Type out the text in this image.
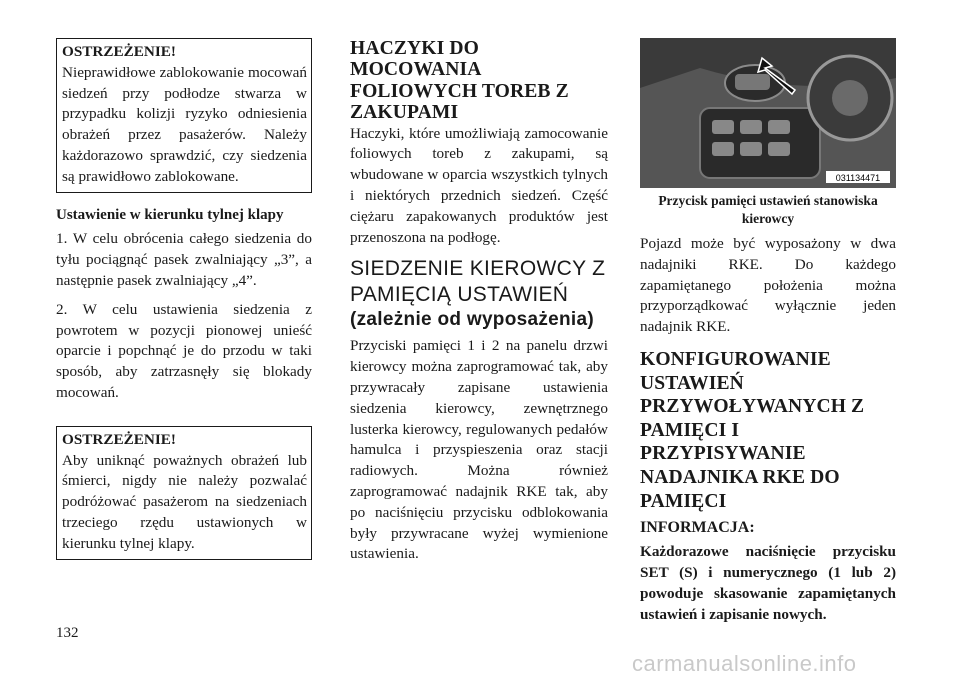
OSTRZEŻENIE!
Nieprawidłowe zablokowanie mocowań siedzeń przy podłodze stwarza w przypadku kolizji ryzyko odniesienia obrażeń przez pasażerów. Należy każdorazowo sprawdzić, czy siedzenia są prawidłowo zablokowane.

Ustawienie w kierunku tylnej klapy

1. W celu obrócenia całego siedzenia do tyłu pociągnąć pasek zwalniający „3”, a następnie pasek zwalniający „4”.

2. W celu ustawienia siedzenia z powrotem w pozycji pionowej unieść oparcie i popchnąć je do przodu w taki sposób, aby zatrzasnęły się blokady mocowań.

OSTRZEŻENIE!
Aby uniknąć poważnych obrażeń lub śmierci, nigdy nie należy pozwalać podróżować pasażerom na siedzeniach trzeciego rzędu ustawionych w kierunku tylnej klapy.
HACZYKI DO MOCOWANIA FOLIOWYCH TOREB Z ZAKUPAMI

Haczyki, które umożliwiają zamocowanie foliowych toreb z zakupami, są wbudowane w oparcia wszystkich tylnych i niektórych przednich siedzeń. Część ciężaru zapakowanych produktów jest przenoszona na podłogę.

SIEDZENIE KIEROWCY Z PAMIĘCIĄ USTAWIEŃ
(zależnie od wyposażenia)

Przyciski pamięci 1 i 2 na panelu drzwi kierowcy można zaprogramować tak, aby przywracały zapisane ustawienia siedzenia kierowcy, zewnętrznego lusterka kierowcy, regulowanych pedałów hamulca i przyspieszenia oraz stacji radiowych. Można również zaprogramować nadajnik RKE tak, aby po naciśnięciu przycisku odblokowania były przywracane wyżej wymienione ustawienia.

031134471
Przycisk pamięci ustawień stanowiska kierowcy

Pojazd może być wyposażony w dwa nadajniki RKE. Do każdego zapamiętanego położenia można przyporządkować wyłącznie jeden nadajnik RKE.

KONFIGUROWANIE USTAWIEŃ PRZYWOŁYWANYCH Z PAMIĘCI I PRZYPISYWANIE NADAJNIKA RKE DO PAMIĘCI
INFORMACJA:
Każdorazowe naciśnięcie przycisku SET (S) i numerycznego (1 lub 2) powoduje skasowanie zapamiętanych ustawień i zapisanie nowych.
132
carmanualsonline.info
